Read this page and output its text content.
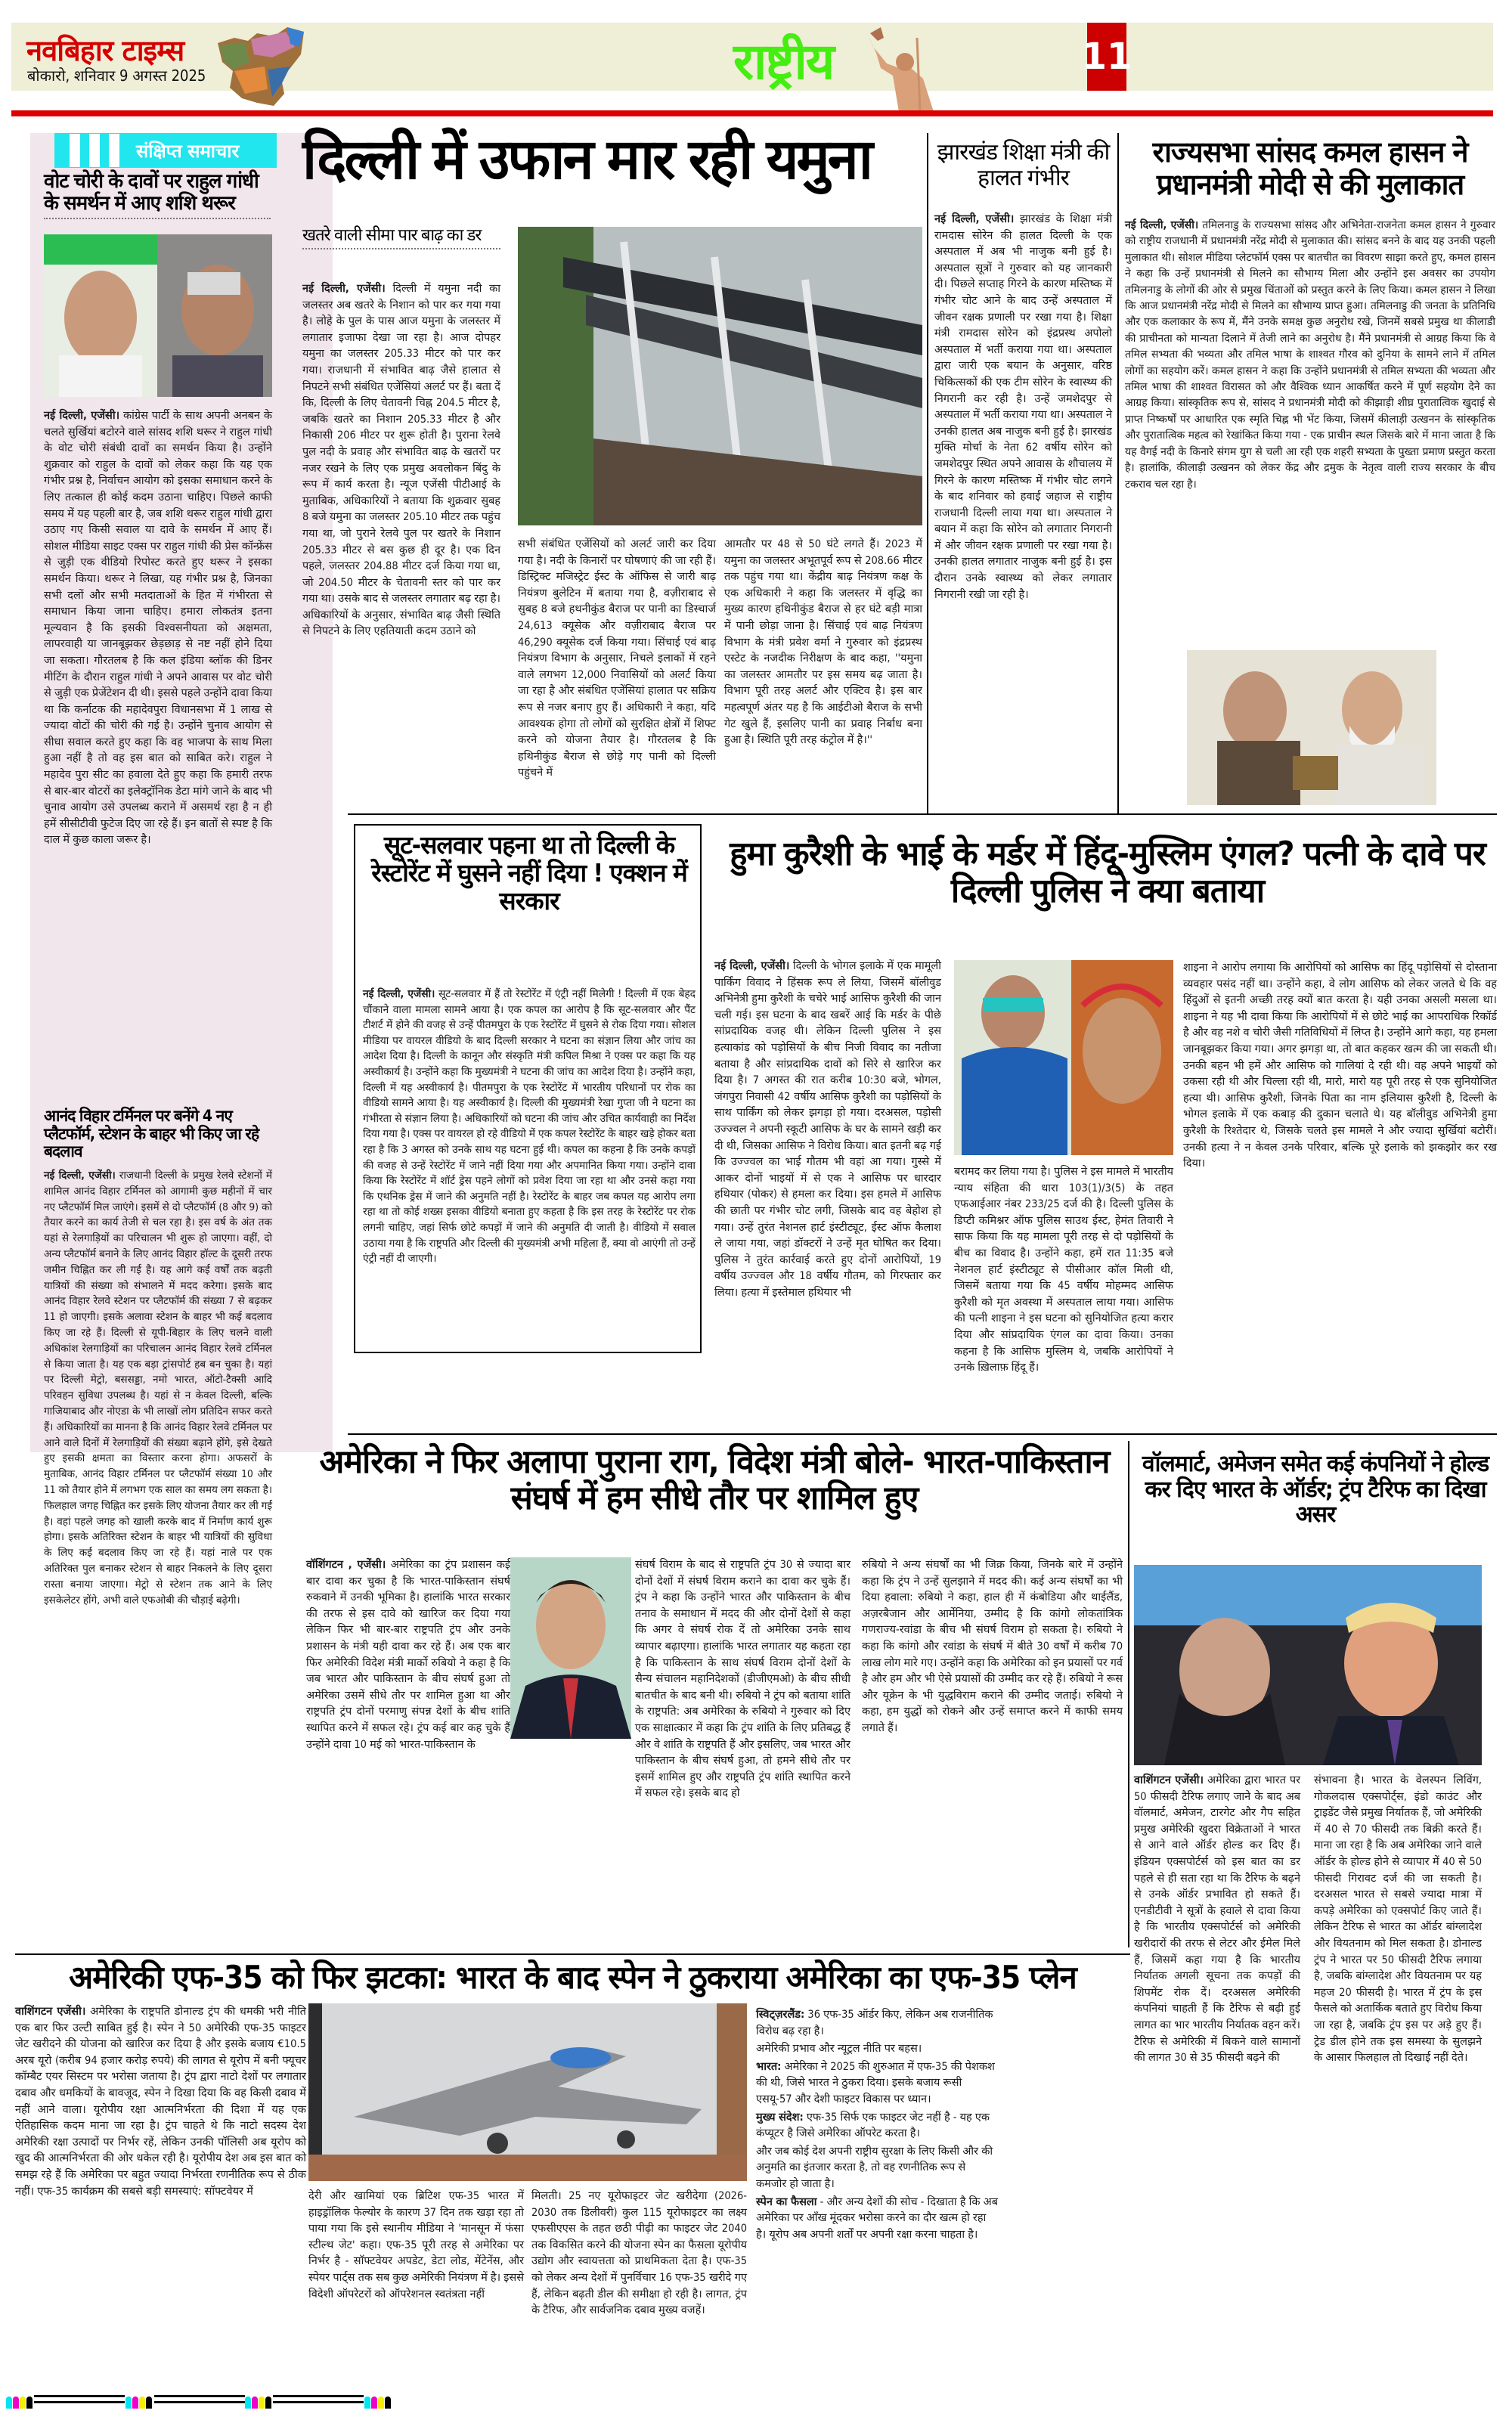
नवबिहार टाइम्स
बोकारो, शनिवार 9 अगस्त 2025	राष्ट्रीय	11
संक्षिप्त समाचार
वोट चोरी के दावों पर राहुल गांधी के समर्थन में आए शशि थरूर
नई दिल्ली, एजेंसी। कांग्रेस पार्टी के साथ अपनी अनबन के चलते सुर्खियां बटोरने वाले सांसद शशि थरूर ने राहुल गांधी के वोट चोरी संबंधी दावों का समर्थन किया है। उन्होंने शुक्रवार को राहुल के दावों को लेकर कहा कि यह एक गंभीर प्रश्न है, निर्वाचन आयोग को इसका समाधान करने के लिए तत्काल ही कोई कदम उठाना चाहिए। पिछले काफी समय में यह पहली बार है, जब शशि थरूर राहुल गांधी द्वारा उठाए गए किसी सवाल या दावे के समर्थन में आए हैं। सोशल मीडिया साइट एक्स पर राहुल गांधी की प्रेस कॉन्फ्रेंस से जुड़ी एक वीडियो रिपोस्ट करते हुए थरूर ने इसका समर्थन किया। थरूर ने लिखा, यह गंभीर प्रश्न है, जिनका सभी दलों और सभी मतदाताओं के हित में गंभीरता से समाधान किया जाना चाहिए। हमारा लोकतंत्र इतना मूल्यवान है कि इसकी विश्वसनीयता को अक्षमता, लापरवाही या जानबूझकर छेड़छाड़ से नष्ट नहीं होने दिया जा सकता। गौरतलब है कि कल इंडिया ब्लॉक की डिनर मीटिंग के दौरान राहुल गांधी ने अपने आवास पर वोट चोरी से जुड़ी एक प्रेजेंटेशन दी थी। इससे पहले उन्होंने दावा किया था कि कर्नाटक की महादेवपुरा विधानसभा में 1 लाख से ज्यादा वोटों की चोरी की गई है। उन्होंने चुनाव आयोग से सीधा सवाल करते हुए कहा कि वह भाजपा के साथ मिला हुआ नहीं है तो वह इस बात को साबित करे। राहुल ने महादेव पुरा सीट का हवाला देते हुए कहा कि हमारी तरफ से बार-बार वोटरों का इलेक्ट्रॉनिक डेटा मांगे जाने के बाद भी चुनाव आयोग उसे उपलब्ध कराने में असमर्थ रहा है न ही हमें सीसीटीवी फुटेज दिए जा रहे हैं। इन बातों से स्पष्ट है कि दाल में कुछ काला जरूर है।
आनंद विहार टर्मिनल पर बनेंगे 4 नए प्लैटफॉर्म, स्टेशन के बाहर भी किए जा रहे बदलाव
नई दिल्ली, एजेंसी। राजधानी दिल्ली के प्रमुख रेलवे स्टेशनों में शामिल आनंद विहार टर्मिनल को आगामी कुछ महीनों में चार नए प्लैटफॉर्म मिल जाएंगे। इसमें से दो प्लैटफॉर्म (8 और 9) को तैयार करने का कार्य तेजी से चल रहा है। इस वर्ष के अंत तक यहां से रेलगाड़ियों का परिचालन भी शुरू हो जाएगा। वहीं, दो अन्य प्लैटफॉर्म बनाने के लिए आनंद विहार हॉल्ट के दूसरी तरफ जमीन चिह्नित कर ली गई है। यह आगे कई वर्षों तक बढ़ती यात्रियों की संख्या को संभालने में मदद करेगा। इसके बाद आनंद विहार रेलवे स्टेशन पर प्लैटफॉर्म की संख्या 7 से बढ़कर 11 हो जाएगी। इसके अलावा स्टेशन के बाहर भी कई बदलाव किए जा रहे हैं। दिल्ली से यूपी-बिहार के लिए चलने वाली अधिकांश रेलगाड़ियों का परिचालन आनंद विहार रेलवे टर्मिनल से किया जाता है। यह एक बड़ा ट्रांसपोर्ट हब बन चुका है। यहां पर दिल्ली मेट्रो, बससड्डा, नमो भारत, ऑटो-टैक्सी आदि परिवहन सुविधा उपलब्ध है। यहां से न केवल दिल्ली, बल्कि गाजियाबाद और नोएडा के भी लाखों लोग प्रतिदिन सफर करते हैं। अधिकारियों का मानना है कि आनंद विहार रेलवे टर्मिनल पर आने वाले दिनों में रेलगाड़ियों की संख्या बढ़ाने होंगे, इसे देखते हुए इसकी क्षमता का विस्तार करना होगा। अफसरों के मुताबिक, आनंद विहार टर्मिनल पर प्लैटफॉर्म संख्या 10 और 11 को तैयार होने में लगभग एक साल का समय लग सकता है। फिलहाल जगह चिह्नित कर इसके लिए योजना तैयार कर ली गई है। वहां पहले जगह को खाली करके बाद में निर्माण कार्य शुरू होगा। इसके अतिरिक्त स्टेशन के बाहर भी यात्रियों की सुविधा के लिए कई बदलाव किए जा रहे हैं। यहां नाले पर एक अतिरिक्त पुल बनाकर स्टेशन से बाहर निकलने के लिए दूसरा रास्ता बनाया जाएगा। मेट्रो से स्टेशन तक आने के लिए इसकेलेटर होंगे, अभी वाले एफओबी की चौड़ाई बढ़ेगी।
दिल्ली में उफान मार रही यमुना
खतरे वाली सीमा पार बाढ़ का डर
नई दिल्ली, एजेंसी। दिल्ली में यमुना नदी का जलस्तर अब खतरे के निशान को पार कर गया गया है। लोहे के पुल के पास आज यमुना के जलस्तर में लगातार इजाफा देखा जा रहा है। आज दोपहर यमुना का जलस्तर 205.33 मीटर को पार कर गया। राजधानी में संभावित बाढ़ जैसे हालात से निपटने सभी संबंधित एजेंसियां अलर्ट पर हैं। बता दें कि, दिल्ली के लिए चेतावनी चिह्न 204.5 मीटर है, जबकि खतरे का निशान 205.33 मीटर है और निकासी 206 मीटर पर शुरू होती है। पुराना रेलवे पुल नदी के प्रवाह और संभावित बाढ़ के खतरों पर नजर रखने के लिए एक प्रमुख अवलोकन बिंदु के रूप में कार्य करता है। न्यूज एजेंसी पीटीआई के मुताबिक, अधिकारियों ने बताया कि शुक्रवार सुबह 8 बजे यमुना का जलस्तर 205.10 मीटर तक पहुंच गया था, जो पुराने रेलवे पुल पर खतरे के निशान 205.33 मीटर से बस कुछ ही दूर है। एक दिन पहले, जलस्तर 204.88 मीटर दर्ज किया गया था, जो 204.50 मीटर के चेतावनी स्तर को पार कर गया था। उसके बाद से जलस्तर लगातार बढ़ रहा है। अधिकारियों के अनुसार, संभावित बाढ़ जैसी स्थिति से निपटने के लिए एहतियाती कदम उठाने को
सभी संबंधित एजेंसियों को अलर्ट जारी कर दिया गया है। नदी के किनारों पर घोषणाएं की जा रही हैं। डिस्ट्रिक्ट मजिस्ट्रेट ईस्ट के ऑफिस से जारी बाढ़ नियंत्रण बुलेटिन में बताया गया है, वज़ीराबाद से सुबह 8 बजे हथनीकुंड बैराज पर पानी का डिस्चार्ज 24,613 क्यूसेक और वज़ीराबाद बैराज पर 46,290 क्यूसेक दर्ज किया गया। सिंचाई एवं बाढ़ नियंत्रण विभाग के अनुसार, निचले इलाकों में रहने वाले लगभग 12,000 निवासियों को अलर्ट किया जा रहा है और संबंधित एजेंसियां हालात पर सक्रिय रूप से नजर बनाए हुए हैं। अधिकारी ने कहा, यदि आवश्यक होगा तो लोगों को सुरक्षित क्षेत्रों में शिफ्ट करने को योजना तैयार है। गौरतलब है कि हथिनीकुंड बैराज से छोड़े गए पानी को दिल्ली पहुंचने में
आमतौर पर 48 से 50 घंटे लगते हैं। 2023 में यमुना का जलस्तर अभूतपूर्व रूप से 208.66 मीटर तक पहुंच गया था। केंद्रीय बाढ़ नियंत्रण कक्ष के एक अधिकारी ने कहा कि जलस्तर में वृद्धि का मुख्य कारण हथिनीकुंड बैराज से हर घंटे बड़ी मात्रा में पानी छोड़ा जाना है। सिंचाई एवं बाढ़ नियंत्रण विभाग के मंत्री प्रवेश वर्मा ने गुरुवार को इंद्रप्रस्थ एस्टेट के नजदीक निरीक्षण के बाद कहा, ''यमुना का जलस्तर आमतौर पर इस समय बढ़ जाता है। विभाग पूरी तरह अलर्ट और एक्टिव है। इस बार महत्वपूर्ण अंतर यह है कि आईटीओ बैराज के सभी गेट खुले हैं, इसलिए पानी का प्रवाह निर्बाध बना हुआ है। स्थिति पूरी तरह कंट्रोल में है।''
झारखंड शिक्षा मंत्री की हालत गंभीर
नई दिल्ली, एजेंसी। झारखंड के शिक्षा मंत्री रामदास सोरेन की हालत दिल्ली के एक अस्पताल में अब भी नाजुक बनी हुई है। अस्पताल सूत्रों ने गुरुवार को यह जानकारी दी। पिछले सप्ताह गिरने के कारण मस्तिष्क में गंभीर चोट आने के बाद उन्हें अस्पताल में जीवन रक्षक प्रणाली पर रखा गया है। शिक्षा मंत्री रामदास सोरेन को इंद्रप्रस्थ अपोलो अस्पताल में भर्ती कराया गया था। अस्पताल द्वारा जारी एक बयान के अनुसार, वरिष्ठ चिकित्सकों की एक टीम सोरेन के स्वास्थ्य की निगरानी कर रही है। उन्हें जमशेदपुर से अस्पताल में भर्ती कराया गया था। अस्पताल ने उनकी हालत अब नाजुक बनी हुई है। झारखंड मुक्ति मोर्चा के नेता 62 वर्षीय सोरेन को जमशेदपुर स्थित अपने आवास के शौचालय में गिरने के कारण मस्तिष्क में गंभीर चोट लगने के बाद शनिवार को हवाई जहाज से राष्ट्रीय राजधानी दिल्ली लाया गया था। अस्पताल ने बयान में कहा कि सोरेन को लगातार निगरानी में और जीवन रक्षक प्रणाली पर रखा गया है। उनकी हालत लगातार नाजुक बनी हुई है। इस दौरान उनके स्वास्थ्य को लेकर लगातार निगरानी रखी जा रही है।
राज्यसभा सांसद कमल हासन ने प्रधानमंत्री मोदी से की मुलाकात
नई दिल्ली, एजेंसी। तमिलनाडु के राज्यसभा सांसद और अभिनेता-राजनेता कमल हासन ने गुरुवार को राष्ट्रीय राजधानी में प्रधानमंत्री नरेंद्र मोदी से मुलाकात की। सांसद बनने के बाद यह उनकी पहली मुलाकात थी। सोशल मीडिया प्लेटफॉर्म एक्स पर बातचीत का विवरण साझा करते हुए, कमल हासन ने कहा कि उन्हें प्रधानमंत्री से मिलने का सौभाग्य मिला और उन्होंने इस अवसर का उपयोग तमिलनाडु के लोगों की ओर से प्रमुख चिंताओं को प्रस्तुत करने के लिए किया। कमल हासन ने लिखा कि आज प्रधानमंत्री नरेंद्र मोदी से मिलने का सौभाग्य प्राप्त हुआ। तमिलनाडु की जनता के प्रतिनिधि और एक कलाकार के रूप में, मैंने उनके समक्ष कुछ अनुरोध रखे, जिनमें सबसे प्रमुख था कीलाडी की प्राचीनता को मान्यता दिलाने में तेजी लाने का अनुरोध है। मैंने प्रधानमंत्री से आग्रह किया कि वे तमिल सभ्यता की भव्यता और तमिल भाषा के शाश्वत गौरव को दुनिया के सामने लाने में तमिल लोगों का सहयोग करें। कमल हासन ने कहा कि उन्होंने प्रधानमंत्री से तमिल सभ्यता की भव्यता और तमिल भाषा की शाश्वत विरासत को और वैश्विक ध्यान आकर्षित करने में पूर्ण सहयोग देने का आग्रह किया। सांस्कृतिक रूप से, सांसद ने प्रधानमंत्री मोदी को कीझाड़ी शीघ्र पुरातात्विक खुदाई से प्राप्त निष्कर्षों पर आधारित एक स्मृति चिह्न भी भेंट किया, जिसमें कीलाड़ी उत्खनन के सांस्कृतिक और पुरातात्विक महत्व को रेखांकित किया गया - एक प्राचीन स्थल जिसके बारे में माना जाता है कि यह वैगई नदी के किनारे संगम युग से चली आ रही एक शहरी सभ्यता के पुख्ता प्रमाण प्रस्तुत करता है। हालांकि, कीलाड़ी उत्खनन को लेकर केंद्र और द्रमुक के नेतृत्व वाली राज्य सरकार के बीच टकराव चल रहा है।
सूट-सलवार पहना था तो दिल्ली के रेस्टोरेंट में घुसने नहीं दिया ! एक्शन में सरकार
नई दिल्ली, एजेंसी। सूट-सलवार में हैं तो रेस्टोरेंट में एंट्री नहीं मिलेगी ! दिल्ली में एक बेहद चौंकाने वाला मामला सामने आया है। एक कपल का आरोप है कि सूट-सलवार और पैंट टीशर्ट में होने की वजह से उन्हें पीतमपुरा के एक रेस्टोरेंट में घुसने से रोक दिया गया। सोशल मीडिया पर वायरल वीडियो के बाद दिल्ली सरकार ने घटना का संज्ञान लिया और जांच का आदेश दिया है। दिल्ली के कानून और संस्कृति मंत्री कपिल मिश्रा ने एक्स पर कहा कि यह अस्वीकार्य है। उन्होंने कहा कि मुख्यमंत्री ने घटना की जांच का आदेश दिया है। उन्होंने कहा, दिल्ली में यह अस्वीकार्य है। पीतमपुरा के एक रेस्टोरेंट में भारतीय परिधानों पर रोक का वीडियो सामने आया है। यह अस्वीकार्य है। दिल्ली की मुख्यमंत्री रेखा गुप्ता जी ने घटना का गंभीरता से संज्ञान लिया है। अधिकारियों को घटना की जांच और उचित कार्यवाही का निर्देश दिया गया है। एक्स पर वायरल हो रहे वीडियो में एक कपल रेस्टोरेंट के बाहर खड़े होकर बता रहा है कि 3 अगस्त को उनके साथ यह घटना हुई थी। कपल का कहना है कि उनके कपड़ों की वजह से उन्हें रेस्टोरेंट में जाने नहीं दिया गया और अपमानित किया गया। उन्होंने दावा किया कि रेस्टोरेंट में शॉर्ट ड्रेस पहने लोगों को प्रवेश दिया जा रहा था और उनसे कहा गया कि एथनिक ड्रेस में जाने की अनुमति नहीं है। रेस्टोरेंट के बाहर जब कपल यह आरोप लगा रहा था तो कोई शख्स इसका वीडियो बनाता हुए कहता है कि इस तरह के रेस्टोरेंट पर रोक लगनी चाहिए, जहां सिर्फ छोटे कपड़ों में जाने की अनुमति दी जाती है। वीडियो में सवाल उठाया गया है कि राष्ट्रपति और दिल्ली की मुख्यमंत्री अभी महिला हैं, क्या वो आएंगी तो उन्हें एंट्री नहीं दी जाएगी।
हुमा कुरैशी के भाई के मर्डर में हिंदू-मुस्लिम एंगल? पत्नी के दावे पर दिल्ली पुलिस ने क्या बताया
नई दिल्ली, एजेंसी। दिल्ली के भोगल इलाके में एक मामूली पार्किंग विवाद ने हिंसक रूप ले लिया, जिसमें बॉलीवुड अभिनेत्री हुमा कुरैशी के चचेरे भाई आसिफ कुरैशी की जान चली गई। इस घटना के बाद खबरें आई कि मर्डर के पीछे सांप्रदायिक वजह थी। लेकिन दिल्ली पुलिस ने इस हत्याकांड को पड़ोसियों के बीच निजी विवाद का नतीजा बताया है और सांप्रदायिक दावों को सिरे से खारिज कर दिया है। 7 अगस्त की रात करीब 10:30 बजे, भोगल, जंगपुरा निवासी 42 वर्षीय आसिफ कुरैशी का पड़ोसियों के साथ पार्किंग को लेकर झगड़ा हो गया। दरअसल, पड़ोसी उज्ज्वल ने अपनी स्कूटी आसिफ के घर के सामने खड़ी कर दी थी, जिसका आसिफ ने विरोध किया। बात इतनी बढ़ गई कि उज्ज्वल का भाई गौतम भी वहां आ गया। गुस्से में आकर दोनों भाइयों में से एक ने आसिफ पर धारदार हथियार (पोकर) से हमला कर दिया। इस हमले में आसिफ की छाती पर गंभीर चोट लगी, जिसके बाद वह बेहोश हो गया। उन्हें तुरंत नेशनल हार्ट इंस्टीट्यूट, ईस्ट ऑफ कैलाश ले जाया गया, जहां डॉक्टरों ने उन्हें मृत घोषित कर दिया। पुलिस ने तुरंत कार्रवाई करते हुए दोनों आरोपियों, 19 वर्षीय उज्ज्वल और 18 वर्षीय गौतम, को गिरफ्तार कर लिया। हत्या में इस्तेमाल हथियार भी
बरामद कर लिया गया है। पुलिस ने इस मामले में भारतीय न्याय संहिता की धारा 103(1)/3(5) के तहत एफआईआर नंबर 233/25 दर्ज की है। दिल्ली पुलिस के डिप्टी कमिश्नर ऑफ पुलिस साउथ ईस्ट, हेमंत तिवारी ने साफ किया कि यह मामला पूरी तरह से दो पड़ोसियों के बीच का विवाद है। उन्होंने कहा, हमें रात 11:35 बजे नेशनल हार्ट इंस्टीट्यूट से पीसीआर कॉल मिली थी, जिसमें बताया गया कि 45 वर्षीय मोहम्मद आसिफ कुरैशी को मृत अवस्था में अस्पताल लाया गया। आसिफ की पत्नी शाइना ने इस घटना को सुनियोजित हत्या करार दिया और सांप्रदायिक एंगल का दावा किया। उनका कहना है कि आसिफ मुस्लिम थे, जबकि आरोपियों ने उनके ख़िलाफ़ हिंदू हैं।
शाइना ने आरोप लगाया कि आरोपियों को आसिफ का हिंदू पड़ोसियों से दोस्ताना व्यवहार पसंद नहीं था। उन्होंने कहा, वे लोग आसिफ को लेकर जलते थे कि वह हिंदुओं से इतनी अच्छी तरह क्यों बात करता है। यही उनका असली मसला था। शाइना ने यह भी दावा किया कि आरोपियों में से छोटे भाई का आपराधिक रिकॉर्ड है और वह नशे व चोरी जैसी गतिविधियों में लिप्त है। उन्होंने आगे कहा, यह हमला जानबूझकर किया गया। अगर झगड़ा था, तो बात कहकर खत्म की जा सकती थी। उनकी बहन भी हमें और आसिफ को गालियां दे रही थी। वह अपने भाइयों को उकसा रही थी और चिल्ला रही थी, मारो, मारो यह पूरी तरह से एक सुनियोजित हत्या थी। आसिफ कुरैशी, जिनके पिता का नाम इलियास कुरैशी है, दिल्ली के भोगल इलाके में एक कबाड़ की दुकान चलाते थे। यह बॉलीवुड अभिनेत्री हुमा कुरैशी के रिश्तेदार थे, जिसके चलते इस मामले ने और ज्यादा सुर्खियां बटोरीं। उनकी हत्या ने न केवल उनके परिवार, बल्कि पूरे इलाके को झकझोर कर रख दिया।
अमेरिका ने फिर अलापा पुराना राग, विदेश मंत्री बोले- भारत-पाकिस्तान संघर्ष में हम सीधे तौर पर शामिल हुए
वॉशिंगटन , एजेंसी। अमेरिका का ट्रंप प्रशासन कई बार दावा कर चुका है कि भारत-पाकिस्तान संघर्ष रुकवाने में उनकी भूमिका है। हालांकि भारत सरकार की तरफ से इस दावे को खारिज कर दिया गया लेकिन फिर भी बार-बार राष्ट्रपति ट्रंप और उनके प्रशासन के मंत्री यही दावा कर रहे हैं। अब एक बार फिर अमेरिकी विदेश मंत्री मार्को रुबियो ने कहा है कि जब भारत और पाकिस्तान के बीच संघर्ष हुआ तो अमेरिका उसमें सीधे तौर पर शामिल हुआ था और राष्ट्रपति ट्रंप दोनों परमाणु संपन्न देशों के बीच शांति स्थापित करने में सफल रहे। ट्रंप कई बार कह चुके हैं उन्होंने दावा 10 मई को भारत-पाकिस्तान के
संघर्ष विराम के बाद से राष्ट्रपति ट्रंप 30 से ज्यादा बार दोनों देशों में संघर्ष विराम कराने का दावा कर चुके हैं। ट्रंप ने कहा कि उन्होंने भारत और पाकिस्तान के बीच तनाव के समाधान में मदद की और दोनों देशों से कहा कि अगर वे संघर्ष रोक दें तो अमेरिका उनके साथ व्यापार बढ़ाएगा। हालांकि भारत लगातार यह कहता रहा है कि पाकिस्तान के साथ संघर्ष विराम दोनों देशों के सैन्य संचालन महानिदेशकों (डीजीएमओ) के बीच सीधी बातचीत के बाद बनी थी। रुबियो ने ट्रंप को बताया शांति के राष्ट्रपति: अब अमेरिका के रुबियो ने गुरुवार को दिए एक साक्षात्कार में कहा कि ट्रंप शांति के लिए प्रतिबद्ध हैं और वे शांति के राष्ट्रपति हैं और इसलिए, जब भारत और पाकिस्तान के बीच संघर्ष हुआ, तो हमने सीधे तौर पर इसमें शामिल हुए और राष्ट्रपति ट्रंप शांति स्थापित करने में सफल रहे। इसके बाद हो
रुबियो ने अन्य संघर्षों का भी जिक्र किया, जिनके बारे में उन्होंने कहा कि ट्रंप ने उन्हें सुलझाने में मदद की। कई अन्य संघर्षों का भी दिया हवाला: रुबियो ने कहा, हाल ही में कंबोडिया और थाईलैंड, अज़रबैजान और आर्मेनिया, उम्मीद है कि कांगो लोकतांत्रिक गणराज्य-रवांडा के बीच भी संघर्ष विराम हो सकता है। रुबियो ने कहा कि कांगो और रवांडा के संघर्ष में बीते 30 वर्षों में करीब 70 लाख लोग मारे गए। उन्होंने कहा कि अमेरिका को इन प्रयासों पर गर्व है और हम और भी ऐसे प्रयासों की उम्मीद कर रहे हैं। रुबियो ने रूस और यूक्रेन के भी युद्धविराम कराने की उम्मीद जताई। रुबियो ने कहा, हम युद्धों को रोकने और उन्हें समाप्त करने में काफी समय लगाते हैं।
वॉलमार्ट, अमेजन समेत कई कंपनियों ने होल्ड कर दिए भारत के ऑर्डर; ट्रंप टैरिफ का दिखा असर
वाशिंगटन एजेंसी। अमेरिका द्वारा भारत पर 50 फीसदी टैरिफ लगाए जाने के बाद अब वॉलमार्ट, अमेजन, टारगेट और गैप सहित प्रमुख अमेरिकी खुदरा विक्रेताओं ने भारत से आने वाले ऑर्डर होल्ड कर दिए हैं। इंडियन एक्सपोर्टर्स को इस बात का डर पहले से ही सता रहा था कि टैरिफ के बढ़ने से उनके ऑर्डर प्रभावित हो सकते हैं। एनडीटीवी ने सूत्रों के हवाले से दावा किया है कि भारतीय एक्सपोर्टर्स को अमेरिकी खरीदारों की तरफ से लेटर और ईमेल मिले हैं, जिसमें कहा गया है कि भारतीय निर्यातक अगली सूचना तक कपड़ों की शिपमेंट रोक दें। दरअसल अमेरिकी कंपनियां चाहती हैं कि टैरिफ से बढ़ी हुई लागत का भार भारतीय निर्यातक वहन करें। टैरिफ से अमेरिकी में बिकने वाले सामानों की लागत 30 से 35 फीसदी बढ़ने की
संभावना है। भारत के वेलस्पन लिविंग, गोकलदास एक्सपोर्ट्स, इंडो काउंट और ट्राइडेंट जैसे प्रमुख निर्यातक हैं, जो अमेरिकी में 40 से 70 फीसदी तक बिक्री करते हैं। माना जा रहा है कि अब अमेरिका जाने वाले ऑर्डर के होल्ड होने से व्यापार में 40 से 50 फीसदी गिरावट दर्ज की जा सकती है। दरअसल भारत से सबसे ज्यादा मात्रा में कपड़े अमेरिका को एक्सपोर्ट किए जाते हैं। लेकिन टैरिफ से भारत का ऑर्डर बांग्लादेश और वियतनाम को मिल सकता है। डोनाल्ड ट्रंप ने भारत पर 50 फीसदी टैरिफ लगाया है, जबकि बांग्लादेश और वियतनाम पर यह महज 20 फीसदी है। भारत में ट्रंप के इस फैसले को अतार्किक बताते हुए विरोध किया जा रहा है, जबकि ट्रंप इस पर अड़े हुए हैं। ट्रेड डील होने तक इस समस्या के सुलझने के आसार फिलहाल तो दिखाई नहीं देते।
अमेरिकी एफ-35 को फिर झटका: भारत के बाद स्पेन ने ठुकराया अमेरिका का एफ-35 प्लेन
वाशिंगटन एजेंसी। अमेरिका के राष्ट्रपति डोनाल्ड ट्रंप की धमकी भरी नीति एक बार फिर उल्टी साबित हुई है। स्पेन ने 50 अमेरिकी एफ-35 फाइटर जेट खरीदने की योजना को खारिज कर दिया है और इसके बजाय €10.5 अरब यूरो (करीब 94 हजार करोड़ रुपये) की लागत से यूरोप में बनी फ्यूचर कॉम्बैट एयर सिस्टम पर भरोसा जताया है। ट्रंप द्वारा नाटो देशों पर लगातार दबाव और धमकियों के बावजूद, स्पेन ने दिखा दिया कि वह किसी दबाव में नहीं आने वाला। यूरोपीय रक्षा आत्मनिर्भरता की दिशा में यह एक ऐतिहासिक कदम माना जा रहा है। ट्रंप चाहते थे कि नाटो सदस्य देश अमेरिकी रक्षा उत्पादों पर निर्भर रहें, लेकिन उनकी पॉलिसी अब यूरोप को खुद की आत्मनिर्भरता की ओर धकेल रही है। यूरोपीय देश अब इस बात को समझ रहे हैं कि अमेरिका पर बहुत ज्यादा निर्भरता रणनीतिक रूप से ठीक नहीं। एफ-35 कार्यक्रम की सबसे बड़ी समस्याएं: सॉफ्टवेयर में	देरी और खामियां एक ब्रिटिश एफ-35 भारत में हाइड्रॉलिक फेल्योर के कारण 37 दिन तक खड़ा रहा तो पाया गया कि इसे स्थानीय मीडिया ने 'मानसून में फंसा स्टील्थ जेट' कहा। एफ-35 पूरी तरह से अमेरिका पर निर्भर है - सॉफ्टवेयर अपडेट, डेटा लोड, मेंटेनेंस, और स्पेयर पार्ट्स तक सब कुछ अमेरिकी नियंत्रण में है। इससे विदेशी ऑपरेटरों को ऑपरेशनल स्वतंत्रता नहीं
मिलती। 25 नए यूरोफाइटर जेट खरीदेगा (2026-2030 तक डिलीवरी) कुल 115 यूरोफाइटर का लक्ष्य एफसीएएस के तहत छठी पीढ़ी का फाइटर जेट 2040 तक विकसित करने की योजना स्पेन का फैसला यूरोपीय उद्योग और स्वायत्तता को प्राथमिकता देता है। एफ-35 को लेकर अन्य देशों में पुनर्विचार 16 एफ-35 खरीदे गए हैं, लेकिन बढ़ती डील की समीक्षा हो रही है। लागत, ट्रंप के टैरिफ, और सार्वजनिक दबाव मुख्य वजहें।
स्विट्ज़रलैंड: 36 एफ-35 ऑर्डर किए, लेकिन अब राजनीतिक विरोध बढ़ रहा है।
अमेरिकी प्रभाव और न्यूट्रल नीति पर बहस।
भारत: अमेरिका ने 2025 की शुरुआत में एफ-35 की पेशकश की थी, जिसे भारत ने ठुकरा दिया। इसके बजाय रूसी एसयू-57 और देशी फाइटर विकास पर ध्यान।
मुख्य संदेश: एफ-35 सिर्फ एक फाइटर जेट नहीं है - यह एक कंप्यूटर है जिसे अमेरिका ऑपरेट करता है।
और जब कोई देश अपनी राष्ट्रीय सुरक्षा के लिए किसी और की अनुमति का इंतजार करता है, तो वह रणनीतिक रूप से कमजोर हो जाता है।
स्पेन का फैसला - और अन्य देशों की सोच - दिखाता है कि अब अमेरिका पर आँख मूंदकर भरोसा करने का दौर खत्म हो रहा है। यूरोप अब अपनी शर्तों पर अपनी रक्षा करना चाहता है।
